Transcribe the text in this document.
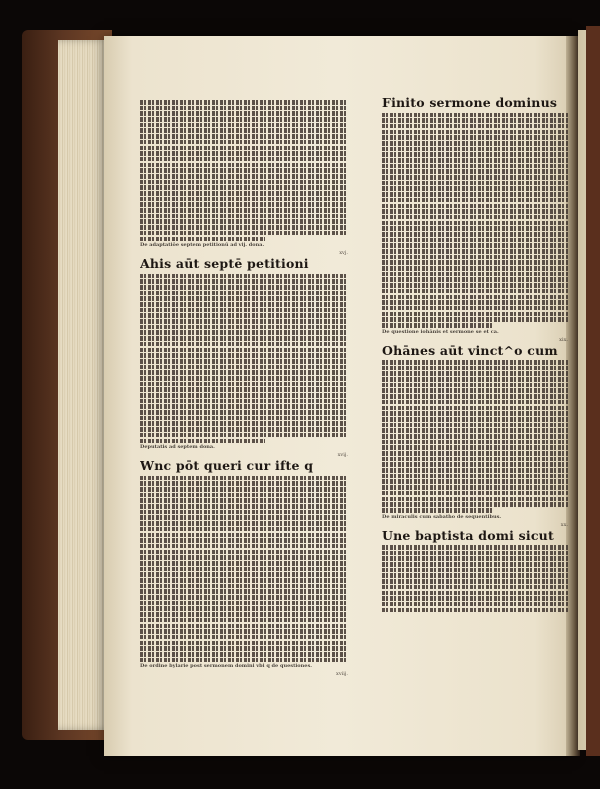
De adaptatiōe septem petitionū ad vij. dona.
xvj.
Ahis aūt septē petitioni
Deputatis ad septem dona.
xvij.
Wnc pōt queri cur ifte q
De ordine bylarie post sermonem domini vbi q de questiones.
xviij.
Finito sermone dominus
De questione iohānis et sermone se et ca.
xix.
Ohānes aūt vinct^o cum
De miraculis cum sabatho de sequentibus.
xx.
Une baptista domi sicut
